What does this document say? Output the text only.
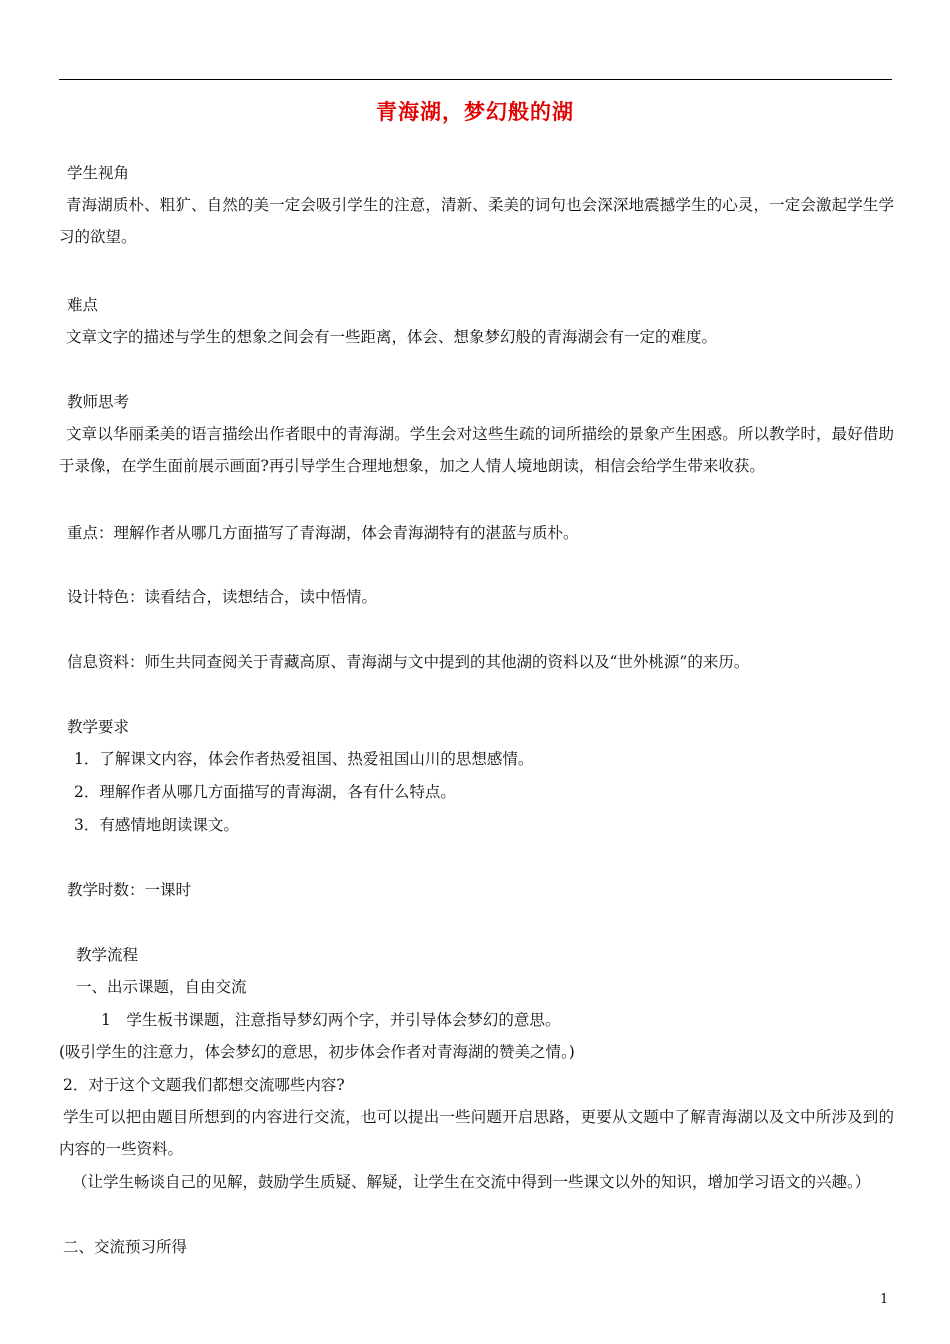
青海湖，梦幻般的湖
学生视角
青海湖质朴、粗犷、自然的美一定会吸引学生的注意，清新、柔美的词句也会深深地震撼学生的心灵，一定会激起学生学习的欲望。
难点
文章文字的描述与学生的想象之间会有一些距离，体会、想象梦幻般的青海湖会有一定的难度。
教师思考
文章以华丽柔美的语言描绘出作者眼中的青海湖。学生会对这些生疏的词所描绘的景象产生困惑。所以教学时，最好借助于录像，在学生面前展示画面?再引导学生合理地想象，加之人情人境地朗读，相信会给学生带来收获。
重点：理解作者从哪几方面描写了青海湖，体会青海湖特有的湛蓝与质朴。
设计特色：读看结合，读想结合，读中悟情。
信息资料：师生共同查阅关于青藏高原、青海湖与文中提到的其他湖的资料以及“世外桃源”的来历。
教学要求
1．了解课文内容，体会作者热爱祖国、热爱祖国山川的思想感情。
2．理解作者从哪几方面描写的青海湖，各有什么特点。
3．有感情地朗读课文。
教学时数：一课时
教学流程
一、出示课题，自由交流
1　学生板书课题，注意指导梦幻两个字，并引导体会梦幻的意思。
(吸引学生的注意力，体会梦幻的意思，初步体会作者对青海湖的赞美之情。)
2．对于这个文题我们都想交流哪些内容?
学生可以把由题目所想到的内容进行交流，也可以提出一些问题开启思路，更要从文题中了解青海湖以及文中所涉及到的内容的一些资料。
（让学生畅谈自己的见解，鼓励学生质疑、解疑，让学生在交流中得到一些课文以外的知识，增加学习语文的兴趣。）
二、交流预习所得
1
